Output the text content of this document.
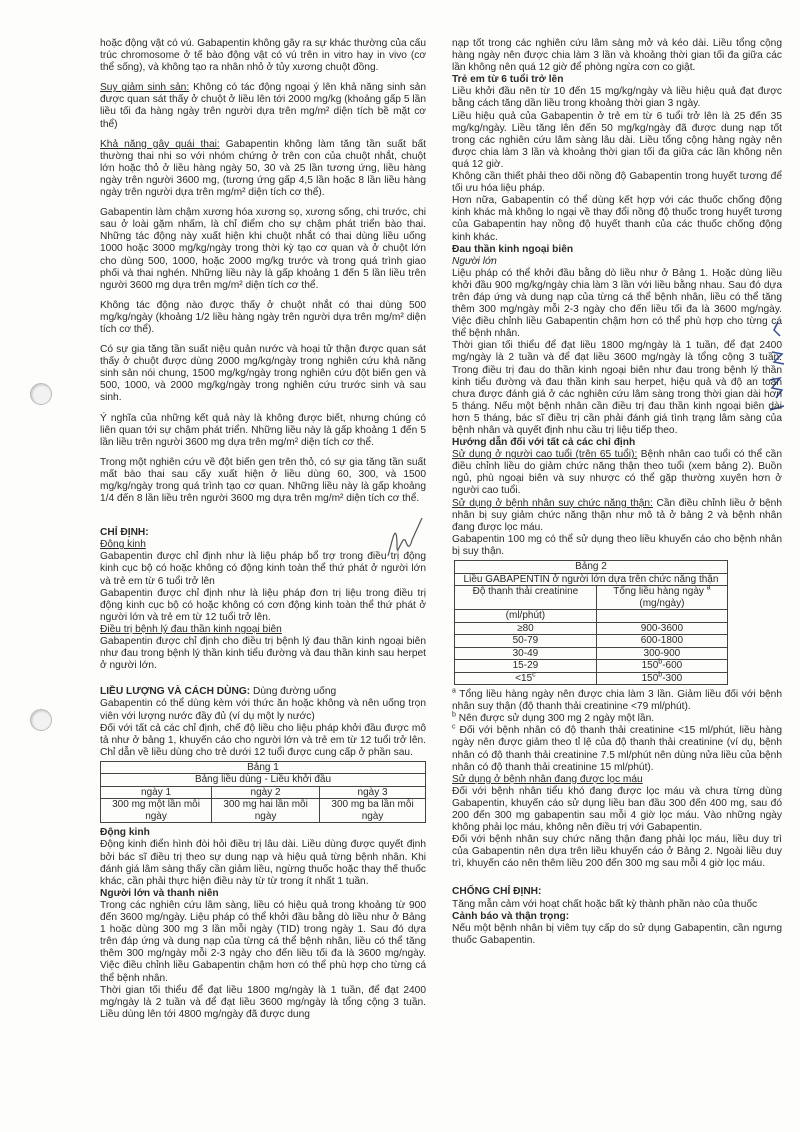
hoặc động vật có vú. Gabapentin không gây ra sự khác thường của cấu trúc chromosome ở tế bào động vật có vú trên in vitro hay in vivo (cơ thể sống), và không tạo ra nhân nhỏ ở tủy xương chuột đồng.

Suy giảm sinh sản: Không có tác động ngoại ý lên khả năng sinh sản được quan sát thấy ở chuột ở liều lên tới 2000 mg/kg (khoảng gấp 5 lần liều tối đa hàng ngày trên người dựa trên mg/m² diện tích bề mặt cơ thể)

Khả năng gây quái thai: Gabapentin không làm tăng tần suất bất thường thai nhi so với nhóm chứng ở trên con của chuột nhắt, chuột lớn hoặc thỏ ở liều hàng ngày 50, 30 và 25 lần tương ứng, liều hàng ngày trên người 3600 mg, (tương ứng gấp 4,5 lần hoặc 8 lần liều hàng ngày trên người dựa trên mg/m² diện tích cơ thể).

Gabapentin làm chậm xương hóa xương sọ, xương sống, chi trước, chi sau ở loài gặm nhấm, là chỉ điểm cho sự chậm phát triển bào thai. Những tác động này xuất hiện khi chuột nhắt có thai dùng liều uống 1000 hoặc 3000 mg/kg/ngày trong thời kỳ tạo cơ quan và ở chuột lớn cho dùng 500, 1000, hoặc 2000 mg/kg trước và trong quá trình giao phối và thai nghén. Những liều này là gấp khoảng 1 đến 5 lần liều trên người 3600 mg dựa trên mg/m² diện tích cơ thể.

Không tác động nào được thấy ở chuột nhắt có thai dùng 500 mg/kg/ngày (khoảng 1/2 liều hàng ngày trên người dựa trên mg/m² diện tích cơ thể).

Có sự gia tăng tần suất niệu quản nước và hoại tử thận được quan sát thấy ở chuột được dùng 2000 mg/kg/ngày trong nghiên cứu khả năng sinh sản nói chung, 1500 mg/kg/ngày trong nghiên cứu đột biến gen và 500, 1000, và 2000 mg/kg/ngày trong nghiên cứu trước sinh và sau sinh.

Ý nghĩa của những kết quả này là không được biết, nhưng chúng có liên quan tới sự chậm phát triển. Những liều này là gấp khoảng 1 đến 5 lần liều trên người 3600 mg dựa trên mg/m² diện tích cơ thể.

Trong một nghiên cứu về đột biến gen trên thỏ, có sự gia tăng tần suất mất bào thai sau cấy xuất hiện ở liều dùng 60, 300, và 1500 mg/kg/ngày trong quá trình tạo cơ quan. Những liều này là gấp khoảng 1/4 đến 8 lần liều trên người 3600 mg dựa trên mg/m² diện tích cơ thể.

CHỈ ĐỊNH:

Động kinh

Gabapentin được chỉ định như là liệu pháp bổ trợ trong điều trị động kinh cục bộ có hoặc không có động kinh toàn thể thứ phát ở người lớn và trẻ em từ 6 tuổi trở lên

Gabapentin được chỉ định như là liệu pháp đơn trị liệu trong điều trị động kinh cục bộ có hoặc không có cơn động kinh toàn thể thứ phát ở người lớn và trẻ em từ 12 tuổi trở lên.

Điều trị bệnh lý đau thần kinh ngoại biên

Gabapentin được chỉ định cho điều trị bệnh lý đau thần kinh ngoại biên như đau trong bệnh lý thần kinh tiểu đường và đau thần kinh sau herpet ở người lớn.

LIỀU LƯỢNG VÀ CÁCH DÙNG: Dùng đường uống

Gabapentin có thể dùng kèm với thức ăn hoặc không và nên uống trọn viên với lượng nước đầy đủ (ví dụ một ly nước)

Đối với tất cả các chỉ định, chế độ liều cho liệu pháp khởi đầu được mô tả như ở bảng 1, khuyến cáo cho người lớn và trẻ em từ 12 tuổi trở lên. Chỉ dẫn về liều dùng cho trẻ dưới 12 tuổi được cung cấp ở phần sau.

Bảng 1		
Bảng liều dùng - Liều khởi đầu		
ngày 1	ngày 2	ngày 3
300 mg một lần mỗi ngày	300 mg hai lần mỗi ngày	300 mg ba lần mỗi ngày

Động kinh

Động kinh điển hình đòi hỏi điều trị lâu dài. Liều dùng được quyết định bởi bác sĩ điều trị theo sự dung nạp và hiệu quả từng bệnh nhân. Khi đánh giá lâm sàng thấy cần giảm liều, ngừng thuốc hoặc thay thế thuốc khác, cần phải thực hiện điều này từ từ trong ít nhất 1 tuần.

Người lớn và thanh niên

Trong các nghiên cứu lâm sàng, liều có hiệu quả trong khoảng từ 900 đến 3600 mg/ngày. Liệu pháp có thể khởi đầu bằng dò liều như ở Bảng 1 hoặc dùng 300 mg 3 lần mỗi ngày (TID) trong ngày 1. Sau đó dựa trên đáp ứng và dung nạp của từng cá thể bệnh nhân, liều có thể tăng thêm 300 mg/ngày mỗi 2-3 ngày cho đến liều tối đa là 3600 mg/ngày. Việc điều chỉnh liều Gabapentin chậm hơn có thể phù hợp cho từng cá thể bệnh nhân.

Thời gian tối thiểu để đạt liều 1800 mg/ngày là 1 tuần, để đạt 2400 mg/ngày là 2 tuần và để đạt liều 3600 mg/ngày là tổng cộng 3 tuần. Liều dùng lên tới 4800 mg/ngày đã được dung

nạp tốt trong các nghiên cứu lâm sàng mở và kéo dài. Liều tổng cộng hàng ngày nên được chia làm 3 lần và khoảng thời gian tối đa giữa các lần không nên quá 12 giờ để phòng ngừa cơn co giật.

Trẻ em từ 6 tuổi trở lên

Liều khởi đầu nên từ 10 đến 15 mg/kg/ngày và liều hiệu quả đạt được bằng cách tăng dần liều trong khoảng thời gian 3 ngày.

Liều hiệu quả của Gabapentin ở trẻ em từ 6 tuổi trở lên là 25 đến 35 mg/kg/ngày. Liều tăng lên đến 50 mg/kg/ngày đã được dung nạp tốt trong các nghiên cứu lâm sàng lâu dài. Liều tổng cộng hàng ngày nên được chia làm 3 lần và khoảng thời gian tối đa giữa các lần không nên quá 12 giờ.

Không cần thiết phải theo dõi nồng độ Gabapentin trong huyết tương để tối ưu hóa liệu pháp.

Hơn nữa, Gabapentin có thể dùng kết hợp với các thuốc chống động kinh khác mà không lo ngại về thay đổi nồng độ thuốc trong huyết tương của Gabapentin hay nồng độ huyết thanh của các thuốc chống động kinh khác.

Đau thần kinh ngoại biên

Người lớn

Liệu pháp có thể khởi đầu bằng dò liều như ở Bảng 1. Hoặc dùng liều khởi đầu 900 mg/kg/ngày chia làm 3 lần với liều bằng nhau. Sau đó dựa trên đáp ứng và dung nạp của từng cá thể bệnh nhân, liều có thể tăng thêm 300 mg/ngày mỗi 2-3 ngày cho đến liều tối đa là 3600 mg/ngày. Việc điều chỉnh liều Gabapentin chậm hơn có thể phù hợp cho từng cá thể bệnh nhân.

Thời gian tối thiểu để đạt liều 1800 mg/ngày là 1 tuần, để đạt 2400 mg/ngày là 2 tuần và để đạt liều 3600 mg/ngày là tổng cộng 3 tuần. Trong điều trị đau do thần kinh ngoại biên như đau trong bệnh lý thần kinh tiểu đường và đau thần kinh sau herpet, hiệu quả và độ an toàn chưa được đánh giá ở các nghiên cứu lâm sàng trong thời gian dài hơn 5 tháng. Nếu một bệnh nhân cần điều trị đau thần kinh ngoại biên dài hơn 5 tháng, bác sĩ điều trị cần phải đánh giá tình trạng lâm sàng của bệnh nhân và quyết định nhu cầu trị liệu tiếp theo.

Hướng dẫn đối với tất cả các chỉ định

Sử dụng ở người cao tuổi (trên 65 tuổi): Bệnh nhân cao tuổi có thể cần điều chỉnh liều do giảm chức năng thận theo tuổi (xem bảng 2). Buồn ngủ, phù ngoại biên và suy nhược có thể gặp thường xuyên hơn ở người cao tuổi.

Sử dụng ở bệnh nhân suy chức năng thận: Cần điều chỉnh liều ở bệnh nhân bị suy giảm chức năng thận như mô tả ở bảng 2 và bệnh nhân đang được lọc máu.

Gabapentin 100 mg có thể sử dụng theo liều khuyến cáo cho bệnh nhân bị suy thận.

Bảng 2	
Liều GABAPENTIN ở người lớn dựa trên chức năng thận	
Độ thanh thải creatinine	Tổng liều hàng ngày $^a$
(mg/ngày)
(ml/phút)	
≥80	900-3600
50-79	600-1800
30-49	300-900
15-29	$150^b-600$
$<15^c$	150$^b$-300

$^a$ Tổng liều hàng ngày nên được chia làm 3 lần. Giảm liều đối với bệnh nhân suy thận (độ thanh thải creatinine <79 ml/phút).

$^b$ Nên được sử dụng 300 mg 2 ngày một lần.

$^c$ Đối với bệnh nhân có độ thanh thải creatinine <15 ml/phút, liều hàng ngày nên được giảm theo tỉ lệ của độ thanh thải creatinine (ví dụ, bệnh nhân có độ thanh thải creatinine 7.5 ml/phút nên dùng nửa liều của bệnh nhân có độ thanh thải creatinine 15 ml/phút).

Sử dụng ở bệnh nhân đang được lọc máu

Đối với bệnh nhân tiểu khó đang được lọc máu và chưa từng dùng Gabapentin, khuyến cáo sử dụng liều ban đầu 300 đến 400 mg, sau đó 200 đến 300 mg gabapentin sau mỗi 4 giờ lọc máu. Vào những ngày không phải lọc máu, không nên điều trị với Gabapentin.

Đối với bệnh nhân suy chức năng thận đang phải lọc máu, liều duy trì của Gabapentin nên dựa trên liều khuyến cáo ở Bảng 2. Ngoài liều duy trì, khuyến cáo nên thêm liều 200 đến 300 mg sau mỗi 4 giờ lọc máu.

CHỐNG CHỈ ĐỊNH:

Tăng mẫn cảm với hoạt chất hoặc bất kỳ thành phần nào của thuốc

Cảnh báo và thận trọng:

Nếu một bệnh nhân bị viêm tụy cấp do sử dụng Gabapentin, cần ngưng thuốc Gabapentin.
